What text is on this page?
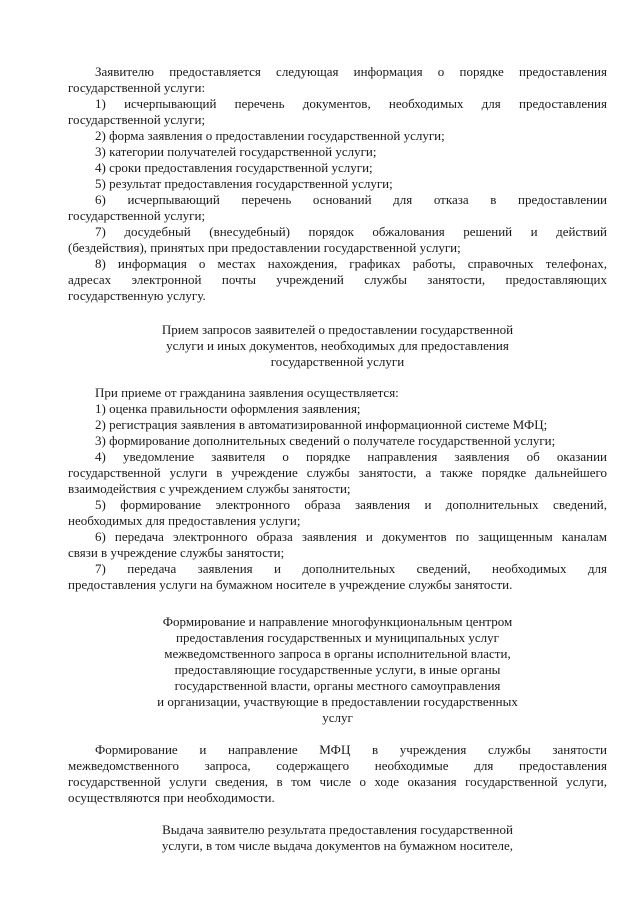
Заявителю предоставляется следующая информация о порядке предоставления

государственной услуги:

1) исчерпывающий перечень документов, необходимых для предоставления

государственной услуги;

2) форма заявления о предоставлении государственной услуги;

3) категории получателей государственной услуги;

4) сроки предоставления государственной услуги;

5) результат предоставления государственной услуги;

6) исчерпывающий перечень оснований для отказа в предоставлении

государственной услуги;

7) досудебный (внесудебный) порядок обжалования решений и действий

(бездействия), принятых при предоставлении государственной услуги;

8) информация о местах нахождения, графиках работы, справочных телефонах,

адресах электронной почты учреждений службы занятости, предоставляющих

государственную услугу.

Прием запросов заявителей о предоставлении государственной

услуги и иных документов, необходимых для предоставления

государственной услуги

При приеме от гражданина заявления осуществляется:

1) оценка правильности оформления заявления;

2) регистрация заявления в автоматизированной информационной системе МФЦ;

3) формирование дополнительных сведений о получателе государственной услуги;

4) уведомление заявителя о порядке направления заявления об оказании

государственной услуги в учреждение службы занятости, а также порядке дальнейшего

взаимодействия с учреждением службы занятости;

5) формирование электронного образа заявления и дополнительных сведений,

необходимых для предоставления услуги;

6) передача электронного образа заявления и документов по защищенным каналам

связи в учреждение службы занятости;

7) передача заявления и дополнительных сведений, необходимых для

предоставления услуги на бумажном носителе в учреждение службы занятости.

Формирование и направление многофункциональным центром

предоставления государственных и муниципальных услуг

межведомственного запроса в органы исполнительной власти,

предоставляющие государственные услуги, в иные органы

государственной власти, органы местного самоуправления

и организации, участвующие в предоставлении государственных

услуг

Формирование и направление МФЦ в учреждения службы занятости

межведомственного запроса, содержащего необходимые для предоставления

государственной услуги сведения, в том числе о ходе оказания государственной услуги,

осуществляются при необходимости.

Выдача заявителю результата предоставления государственной

услуги, в том числе выдача документов на бумажном носителе,
